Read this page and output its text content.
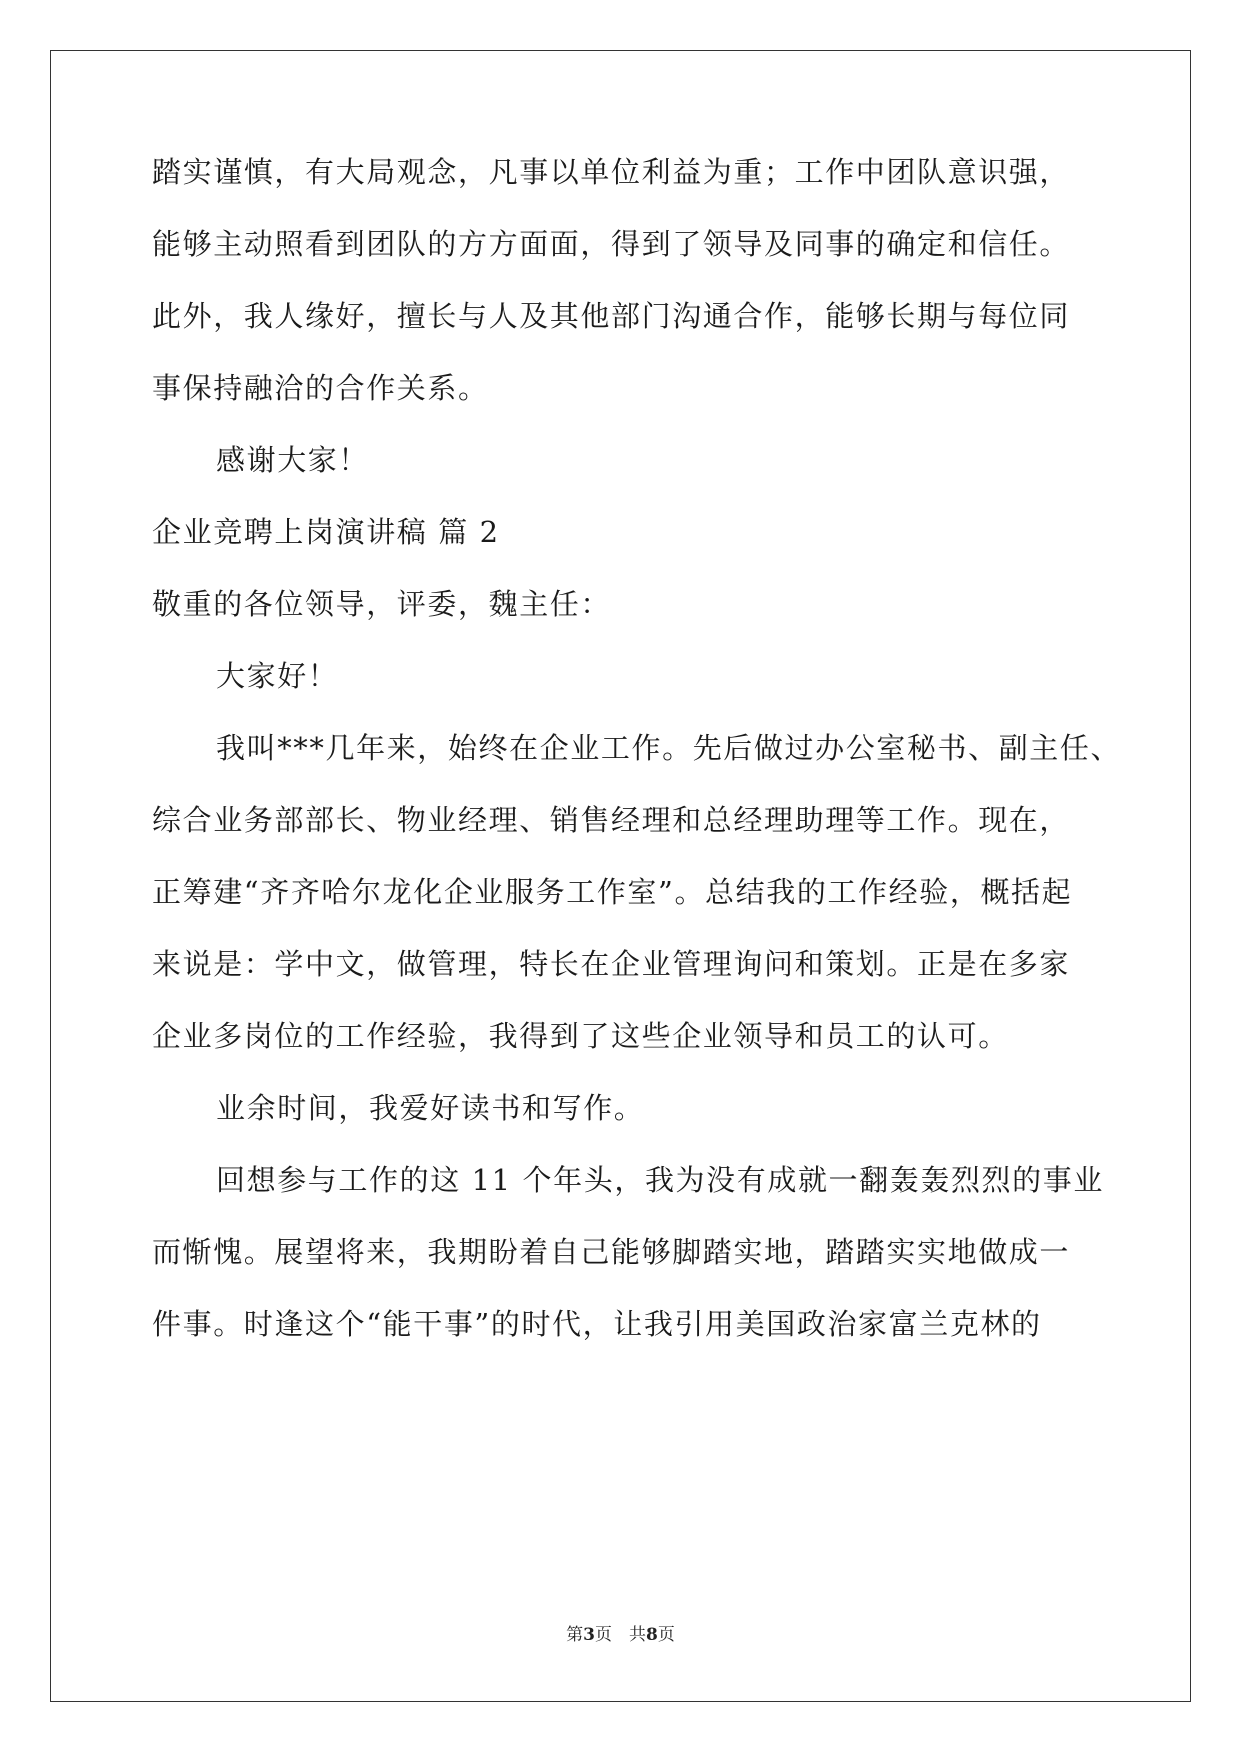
踏实谨慎，有大局观念，凡事以单位利益为重；工作中团队意识强，
能够主动照看到团队的方方面面，得到了领导及同事的确定和信任。
此外，我人缘好，擅长与人及其他部门沟通合作，能够长期与每位同
事保持融洽的合作关系。
感谢大家！
企业竞聘上岗演讲稿 篇 2
敬重的各位领导，评委，魏主任：
大家好！
我叫***几年来，始终在企业工作。先后做过办公室秘书、副主任、
综合业务部部长、物业经理、销售经理和总经理助理等工作。现在，
正筹建“齐齐哈尔龙化企业服务工作室”。总结我的工作经验，概括起
来说是：学中文，做管理，特长在企业管理询问和策划。正是在多家
企业多岗位的工作经验，我得到了这些企业领导和员工的认可。
业余时间，我爱好读书和写作。
回想参与工作的这 11 个年头，我为没有成就一翻轰轰烈烈的事业
而惭愧。展望将来，我期盼着自己能够脚踏实地，踏踏实实地做成一
件事。时逢这个“能干事”的时代，让我引用美国政治家富兰克林的
第3页　共8页
